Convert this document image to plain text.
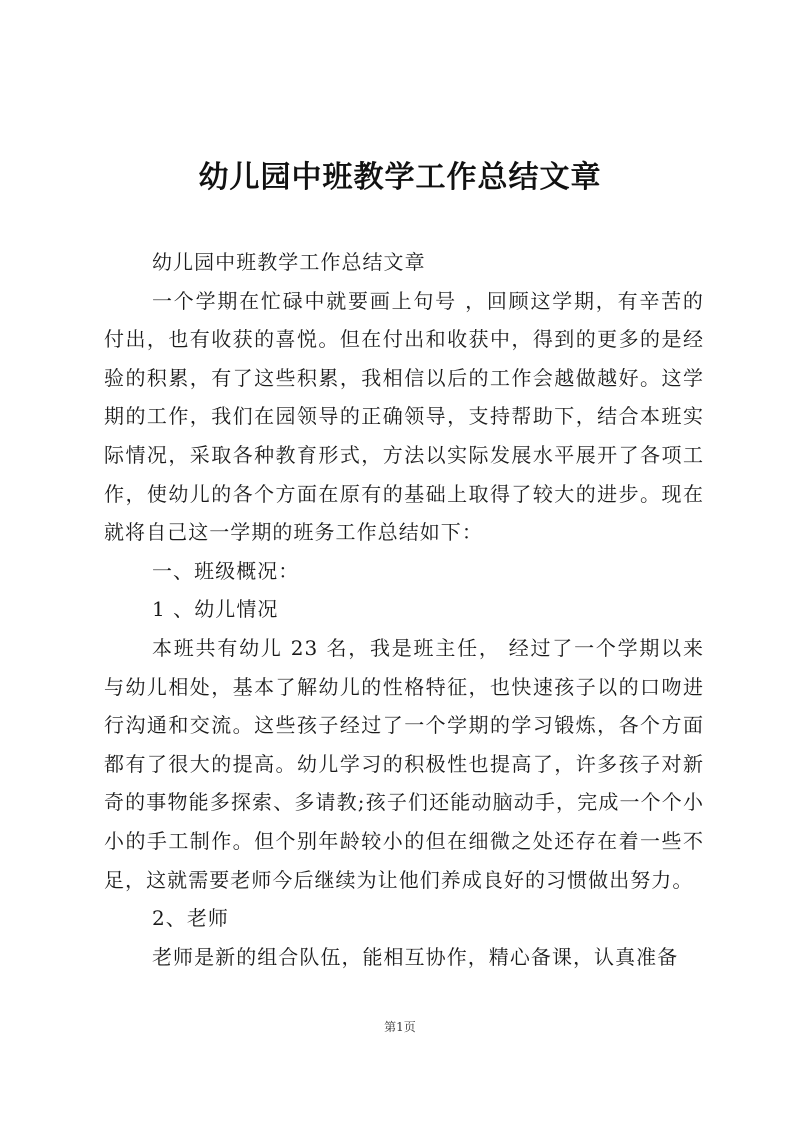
幼儿园中班教学工作总结文章

幼儿园中班教学工作总结文章

一个学期在忙碌中就要画上句号 ，回顾这学期，有辛苦的付出，也有收获的喜悦。但在付出和收获中，得到的更多的是经验的积累，有了这些积累，我相信以后的工作会越做越好。这学期的工作，我们在园领导的正确领导，支持帮助下，结合本班实际情况，采取各种教育形式，方法以实际发展水平展开了各项工作，使幼儿的各个方面在原有的基础上取得了较大的进步。现在就将自己这一学期的班务工作总结如下：

一、班级概况：

1 、幼儿情况

本班共有幼儿 23 名，我是班主任， 经过了一个学期以来与幼儿相处，基本了解幼儿的性格特征，也快速孩子以的口吻进行沟通和交流。这些孩子经过了一个学期的学习锻炼，各个方面都有了很大的提高。幼儿学习的积极性也提高了，许多孩子对新奇的事物能多探索、多请教;孩子们还能动脑动手，完成一个个小小的手工制作。但个别年龄较小的但在细微之处还存在着一些不足，这就需要老师今后继续为让他们养成良好的习惯做出努力。

2、老师

老师是新的组合队伍，能相互协作，精心备课，认真准备

第1页
